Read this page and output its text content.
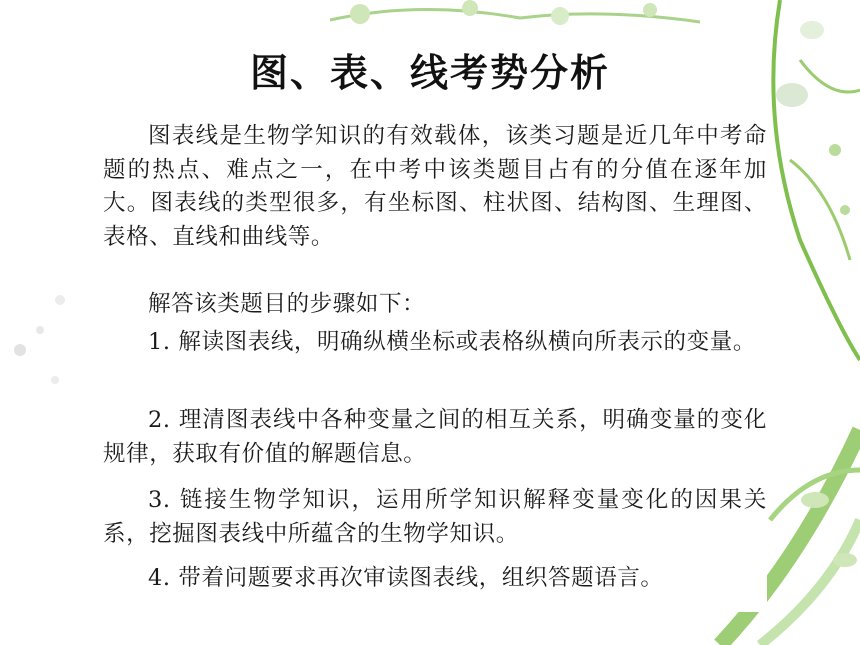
图、表、线考势分析

图表线是生物学知识的有效载体，该类习题是近几年中考命题的热点、难点之一，在中考中该类题目占有的分值在逐年加大。图表线的类型很多，有坐标图、柱状图、结构图、生理图、表格、直线和曲线等。

解答该类题目的步骤如下：

1. 解读图表线，明确纵横坐标或表格纵横向所表示的变量。

2. 理清图表线中各种变量之间的相互关系，明确变量的变化规律，获取有价值的解题信息。

3. 链接生物学知识，运用所学知识解释变量变化的因果关系，挖掘图表线中所蕴含的生物学知识。

4. 带着问题要求再次审读图表线，组织答题语言。
